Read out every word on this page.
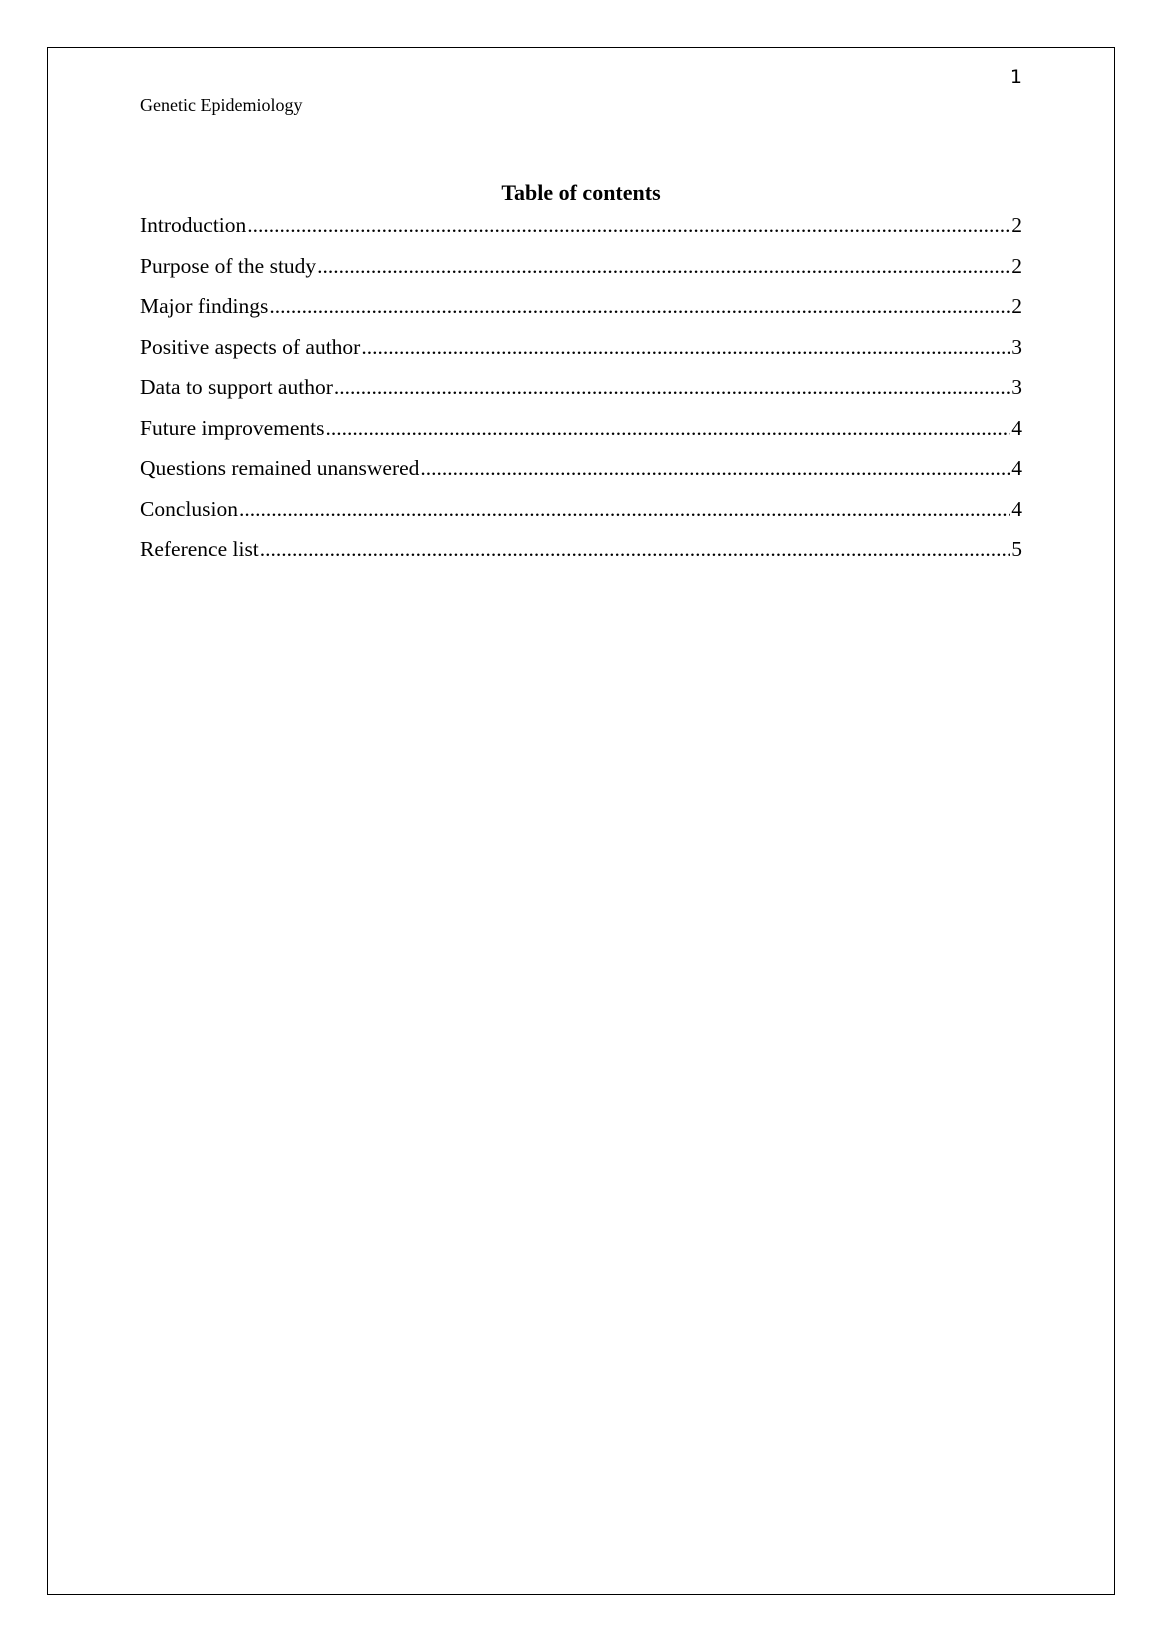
1
Genetic Epidemiology
Table of contents
Introduction .....	2
Purpose of the study .....	2
Major findings .....	2
Positive aspects of author .....	3
Data to support author .....	3
Future improvements .....	4
Questions remained unanswered .....	4
Conclusion .....	4
Reference list .....	5
